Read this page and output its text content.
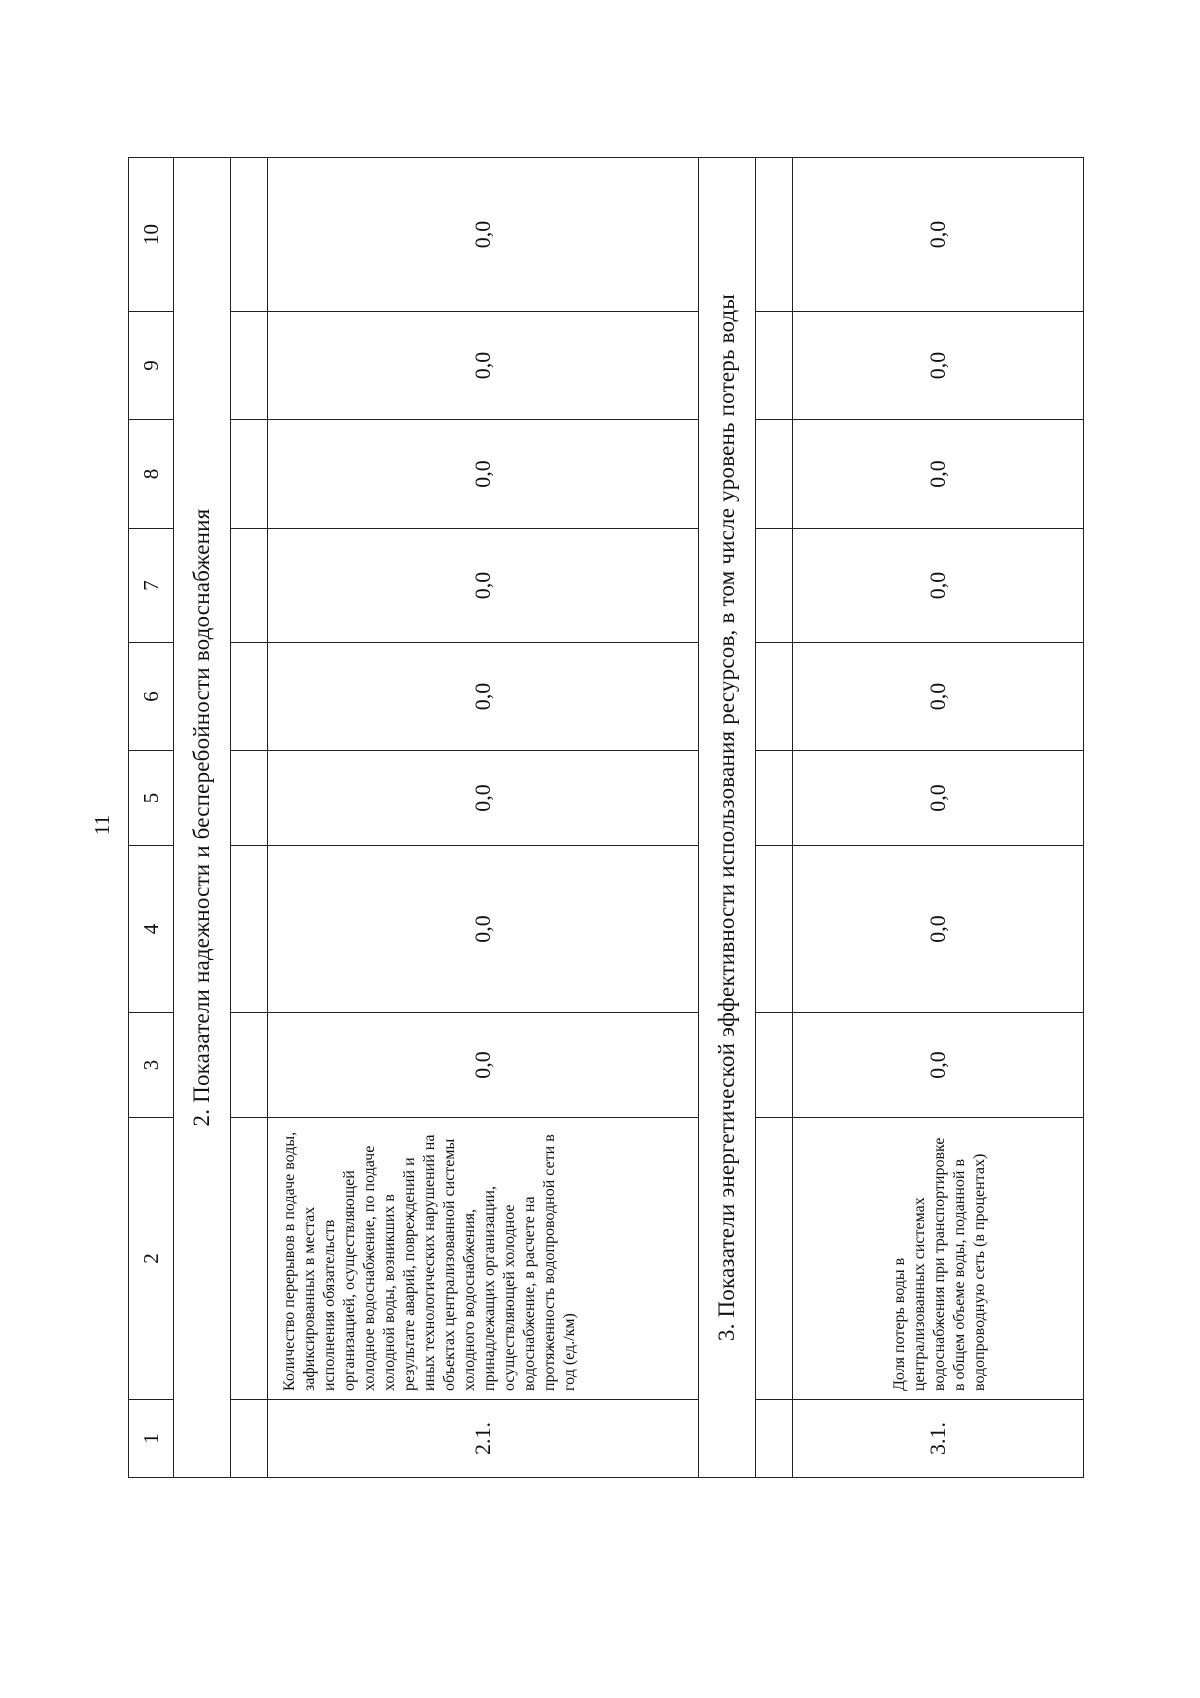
11
1	2	3	4	5	6	7	8	9	10
2. Показатели надежности и бесперебойности водоснабжения									

2.1.	Количество перерывов в подаче воды, зафиксированных в местах исполнения обязательств организацией, осуществляющей холодное водоснабжение, по подаче холодной воды, возникших в результате аварий, повреждений и иных технологических нарушений на объектах централизованной системы холодного водоснабжения, принадлежащих организации, осуществляющей холодное водоснабжение, в расчете на протяженность водопроводной сети в год (ед./км)	0,0	0,0	0,0	0,0	0,0	0,0	0,0	0,0
3. Показатели энергетической эффективности использования ресурсов, в том числе уровень потерь воды									

3.1.	Доля потерь воды в централизованных системах водоснабжения при транспортировке в общем объеме воды, поданной в водопроводную сеть (в процентах)	0,0	0,0	0,0	0,0	0,0	0,0	0,0	0,0
